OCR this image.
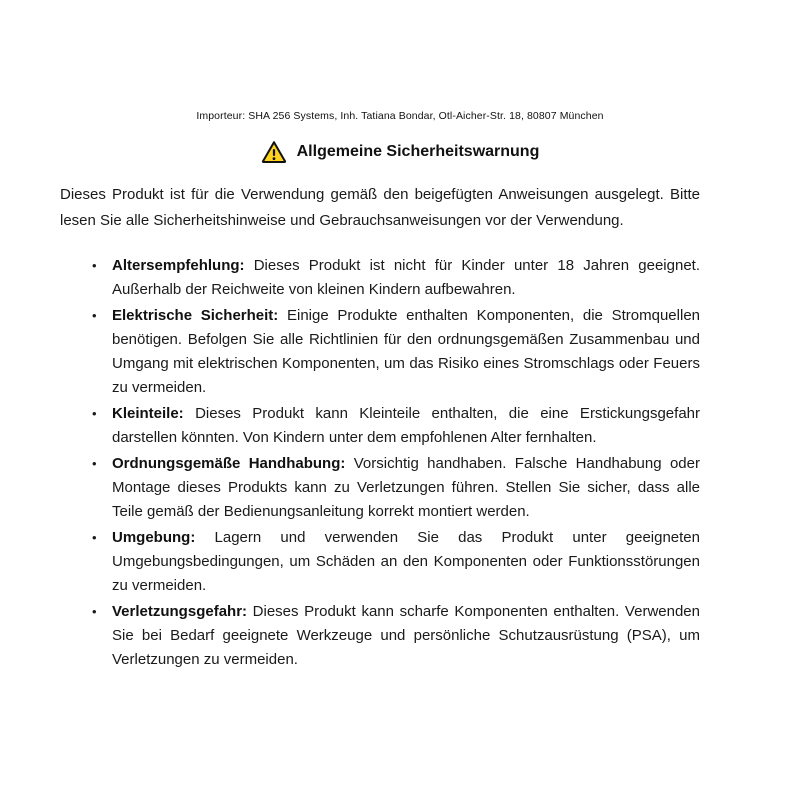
Importeur: SHA 256 Systems, Inh. Tatiana Bondar, Otl-Aicher-Str. 18, 80807 München

Allgemeine Sicherheitswarnung

Dieses Produkt ist für die Verwendung gemäß den beigefügten Anweisungen ausgelegt. Bitte lesen Sie alle Sicherheitshinweise und Gebrauchsanweisungen vor der Verwendung.

• Altersempfehlung: Dieses Produkt ist nicht für Kinder unter 18 Jahren geeignet. Außerhalb der Reichweite von kleinen Kindern aufbewahren.
• Elektrische Sicherheit: Einige Produkte enthalten Komponenten, die Stromquellen benötigen. Befolgen Sie alle Richtlinien für den ordnungsgemäßen Zusammenbau und Umgang mit elektrischen Komponenten, um das Risiko eines Stromschlags oder Feuers zu vermeiden.
• Kleinteile: Dieses Produkt kann Kleinteile enthalten, die eine Erstickungsgefahr darstellen könnten. Von Kindern unter dem empfohlenen Alter fernhalten.
• Ordnungsgemäße Handhabung: Vorsichtig handhaben. Falsche Handhabung oder Montage dieses Produkts kann zu Verletzungen führen. Stellen Sie sicher, dass alle Teile gemäß der Bedienungsanleitung korrekt montiert werden.
• Umgebung: Lagern und verwenden Sie das Produkt unter geeigneten Umgebungsbedingungen, um Schäden an den Komponenten oder Funktionsstörungen zu vermeiden.
• Verletzungsgefahr: Dieses Produkt kann scharfe Komponenten enthalten. Verwenden Sie bei Bedarf geeignete Werkzeuge und persönliche Schutzausrüstung (PSA), um Verletzungen zu vermeiden.
